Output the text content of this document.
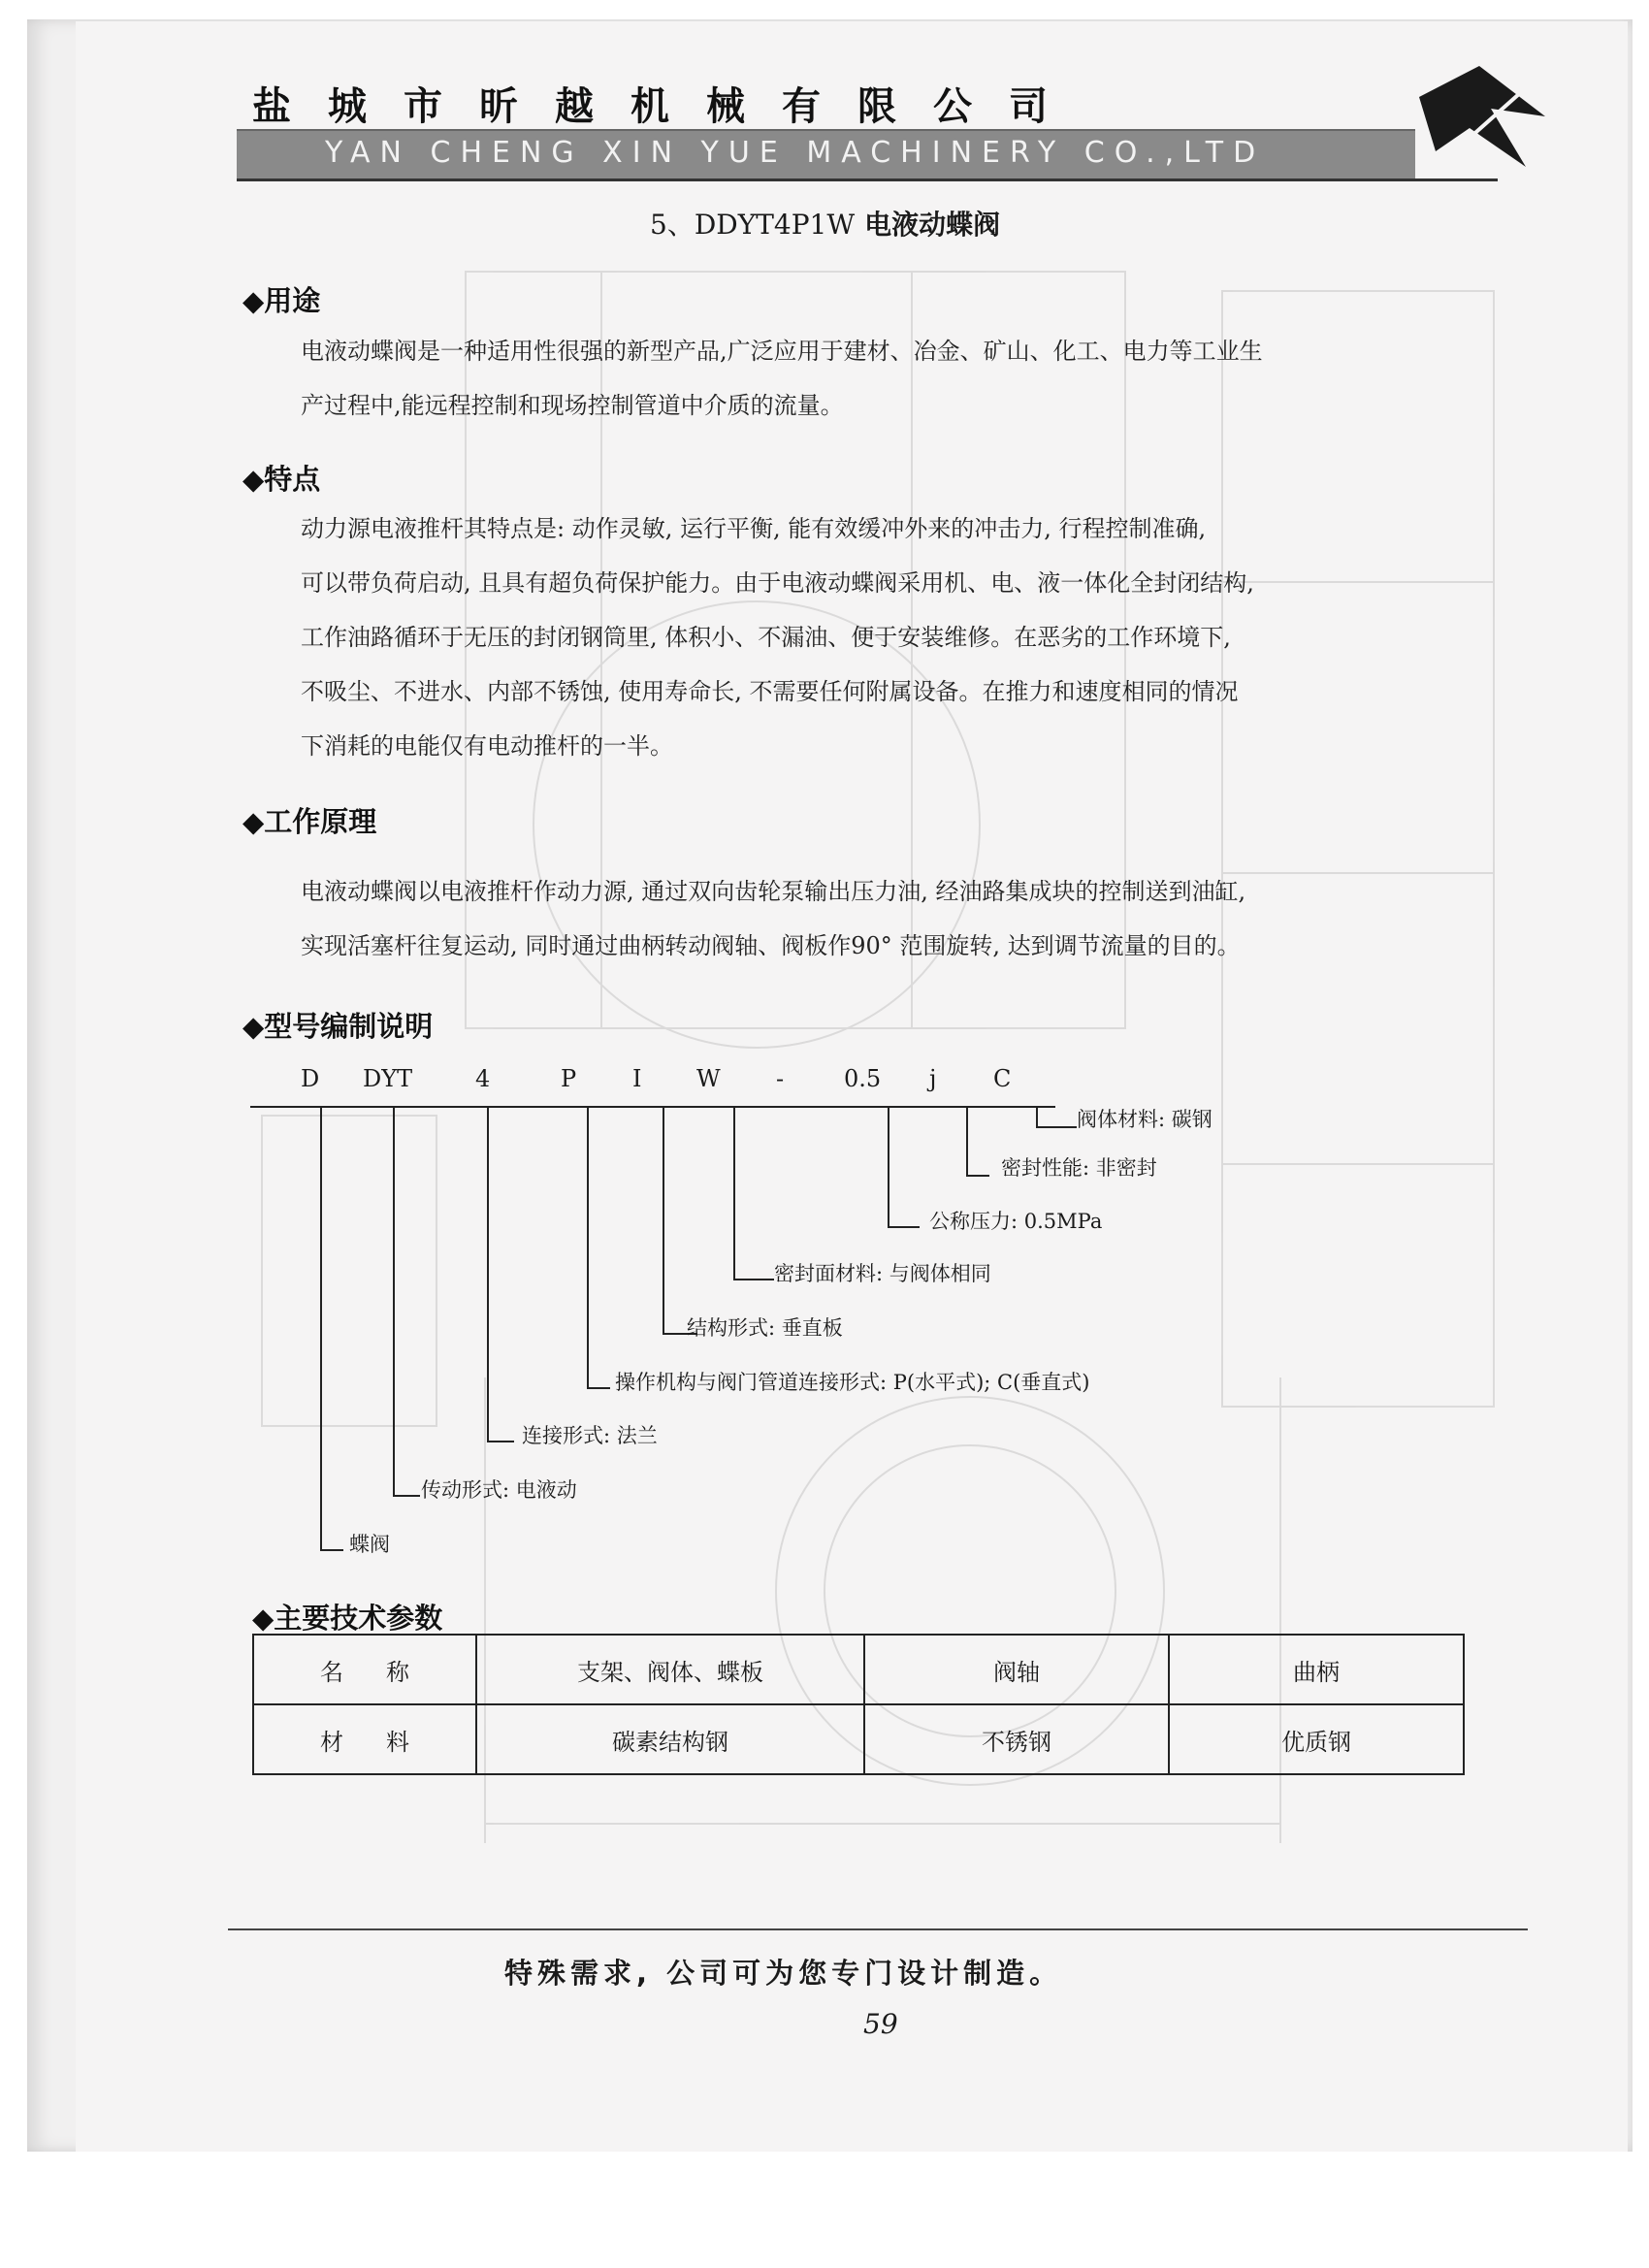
盐城市昕越机械有限公司
YAN CHENG XIN YUE MACHINERY CO.,LTD
5、DDYT4P1W 电液动蝶阀
◆用途
电液动蝶阀是一种适用性很强的新型产品,广泛应用于建材、冶金、矿山、化工、电力等工业生
产过程中,能远程控制和现场控制管道中介质的流量。
◆特点
动力源电液推杆其特点是: 动作灵敏, 运行平衡, 能有效缓冲外来的冲击力, 行程控制准确,
可以带负荷启动, 且具有超负荷保护能力。由于电液动蝶阀采用机、电、液一体化全封闭结构,
工作油路循环于无压的封闭钢筒里, 体积小、不漏油、便于安装维修。在恶劣的工作环境下,
不吸尘、不进水、内部不锈蚀, 使用寿命长, 不需要任何附属设备。在推力和速度相同的情况
下消耗的电能仅有电动推杆的一半。
◆工作原理
电液动蝶阀以电液推杆作动力源, 通过双向齿轮泵输出压力油, 经油路集成块的控制送到油缸,
实现活塞杆往复运动, 同时通过曲柄转动阀轴、阀板作90° 范围旋转, 达到调节流量的目的。
◆型号编制说明
D DYT	4	P I W -	0.5 j C
阀体材料: 碳钢
密封性能: 非密封
公称压力: 0.5MPa
密封面材料: 与阀体相同
结构形式: 垂直板
操作机构与阀门管道连接形式: P(水平式); C(垂直式)
连接形式: 法兰
传动形式: 电液动
蝶阀
◆主要技术参数
名称	支架、阀体、蝶板	阀轴	曲柄
材料	碳素结构钢	不锈钢	优质钢
特殊需求, 公司可为您专门设计制造。
59
